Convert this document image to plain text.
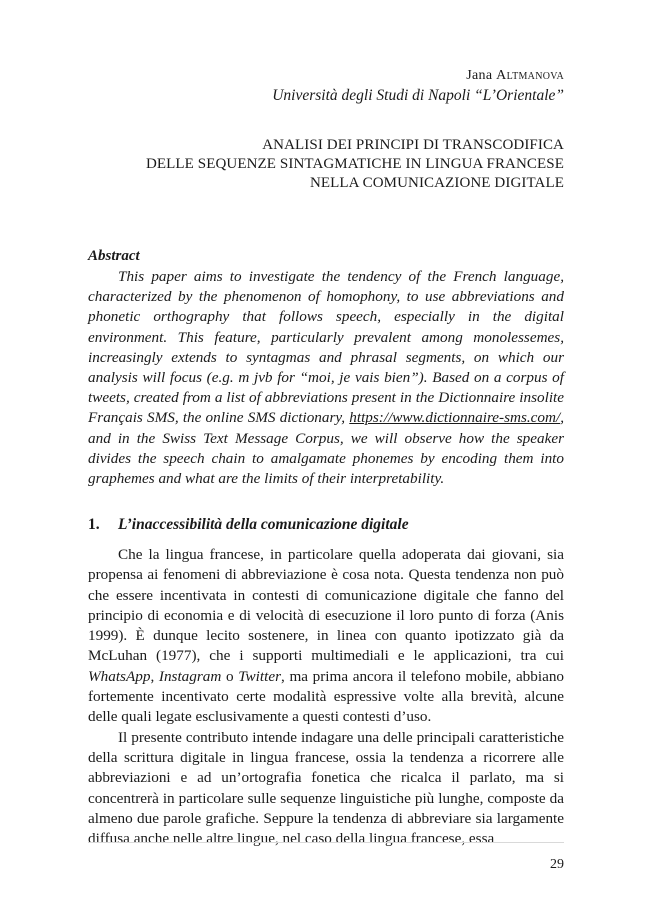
Jana Altmanova
Università degli Studi di Napoli “L’Orientale”
ANALISI DEI PRINCIPI DI TRANSCODIFICA
DELLE SEQUENZE SINTAGMATICHE IN LINGUA FRANCESE
NELLA COMUNICAZIONE DIGITALE
Abstract
This paper aims to investigate the tendency of the French language, characterized by the phenomenon of homophony, to use abbreviations and phonetic orthography that follows speech, especially in the digital environment. This feature, particularly prevalent among monolessemes, increasingly extends to syntagmas and phrasal segments, on which our analysis will focus (e.g. m jvb for “moi, je vais bien”). Based on a corpus of tweets, created from a list of abbreviations present in the Dictionnaire insolite Français SMS, the online SMS dictionary, https://www.dictionnaire-sms.com/, and in the Swiss Text Message Corpus, we will observe how the speaker divides the speech chain to amalgamate phonemes by encoding them into graphemes and what are the limits of their interpretability.
1. L’inaccessibilità della comunicazione digitale

Che la lingua francese, in particolare quella adoperata dai giovani, sia propensa ai fenomeni di abbreviazione è cosa nota. Questa tendenza non può che essere incentivata in contesti di comunicazione digitale che fanno del principio di economia e di velocità di esecuzione il loro punto di forza (Anis 1999). È dunque lecito sostenere, in linea con quanto ipotizzato già da McLuhan (1977), che i supporti multimediali e le applicazioni, tra cui WhatsApp, Instagram o Twitter, ma prima ancora il telefono mobile, abbiano fortemente incentivato certe modalità espressive volte alla brevità, alcune delle quali legate esclusivamente a questi contesti d’uso.

Il presente contributo intende indagare una delle principali caratteristiche della scrittura digitale in lingua francese, ossia la tendenza a ricorrere alle abbreviazioni e ad un’ortografia fonetica che ricalca il parlato, ma si concentrerà in particolare sulle sequenze linguistiche più lunghe, composte da almeno due parole grafiche. Seppure la tendenza di abbreviare sia largamente diffusa anche nelle altre lingue, nel caso della lingua francese, essa

29
